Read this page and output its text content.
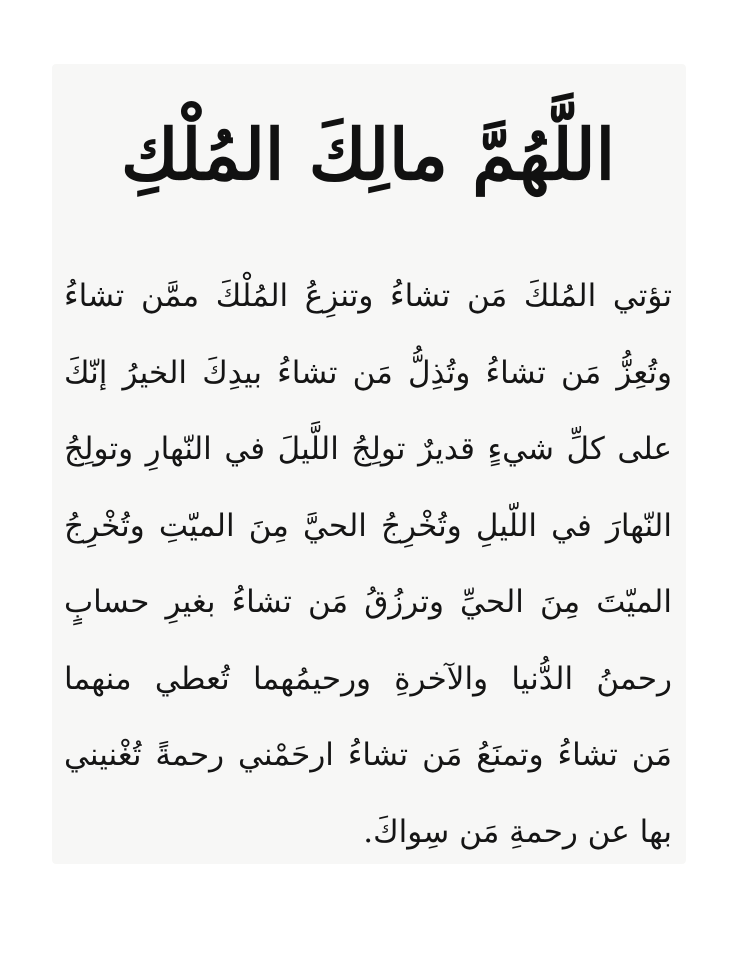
اللَّهُمَّ مالِكَ المُلْكِ
تؤتي المُلكَ مَن تشاءُ وتنزِعُ المُلْكَ ممَّن تشاءُ
وتُعِزُّ مَن تشاءُ وتُذِلُّ مَن تشاءُ بيدِكَ الخيرُ إنّكَ
على كلِّ شيءٍ قديرٌ تولِجُ اللَّيلَ في النّهارِ وتولِجُ
النّهارَ في اللّيلِ وتُخْرِجُ الحيَّ مِنَ الميّتِ وتُخْرِجُ
الميّتَ مِنَ الحيِّ وترزُقُ مَن تشاءُ بغيرِ حسابٍ
رحمنُ الدُّنيا والآخرةِ ورحيمُهما تُعطي منهما
مَن تشاءُ وتمنَعُ مَن تشاءُ ارحَمْني رحمةً تُغْنيني
بها عن رحمةِ مَن سِواكَ.
